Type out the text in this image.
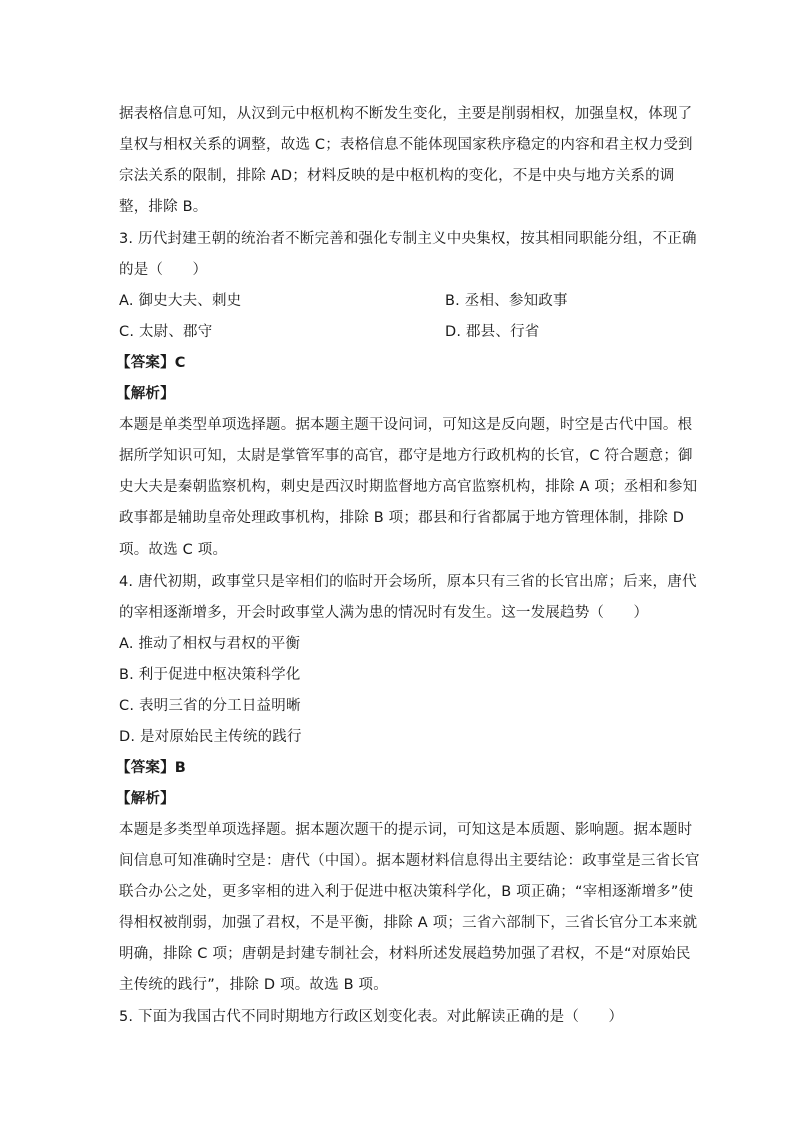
据表格信息可知，从汉到元中枢机构不断发生变化，主要是削弱相权，加强皇权，体现了
皇权与相权关系的调整，故选 C；表格信息不能体现国家秩序稳定的内容和君主权力受到
宗法关系的限制，排除 AD；材料反映的是中枢机构的变化，不是中央与地方关系的调
整，排除 B。
3. 历代封建王朝的统治者不断完善和强化专制主义中央集权，按其相同职能分组，不正确
的是（　　）
A. 御史大夫、刺史	B. 丞相、参知政事
C. 太尉、郡守	D. 郡县、行省
【答案】C
【解析】
本题是单类型单项选择题。据本题主题干设问词，可知这是反向题，时空是古代中国。根
据所学知识可知，太尉是掌管军事的高官，郡守是地方行政机构的长官，C 符合题意；御
史大夫是秦朝监察机构，刺史是西汉时期监督地方高官监察机构，排除 A 项；丞相和参知
政事都是辅助皇帝处理政事机构，排除 B 项；郡县和行省都属于地方管理体制，排除 D
项。故选 C 项。
4. 唐代初期，政事堂只是宰相们的临时开会场所，原本只有三省的长官出席；后来，唐代
的宰相逐渐增多，开会时政事堂人满为患的情况时有发生。这一发展趋势（　　）
A. 推动了相权与君权的平衡
B. 利于促进中枢决策科学化
C. 表明三省的分工日益明晰
D. 是对原始民主传统的践行
【答案】B
【解析】
本题是多类型单项选择题。据本题次题干的提示词，可知这是本质题、影响题。据本题时
间信息可知准确时空是：唐代（中国）。据本题材料信息得出主要结论：政事堂是三省长官
联合办公之处，更多宰相的进入利于促进中枢决策科学化，B 项正确；“宰相逐渐增多”使
得相权被削弱，加强了君权，不是平衡，排除 A 项；三省六部制下，三省长官分工本来就
明确，排除 C 项；唐朝是封建专制社会，材料所述发展趋势加强了君权，不是“对原始民
主传统的践行”，排除 D 项。故选 B 项。
5. 下面为我国古代不同时期地方行政区划变化表。对此解读正确的是（　　）
